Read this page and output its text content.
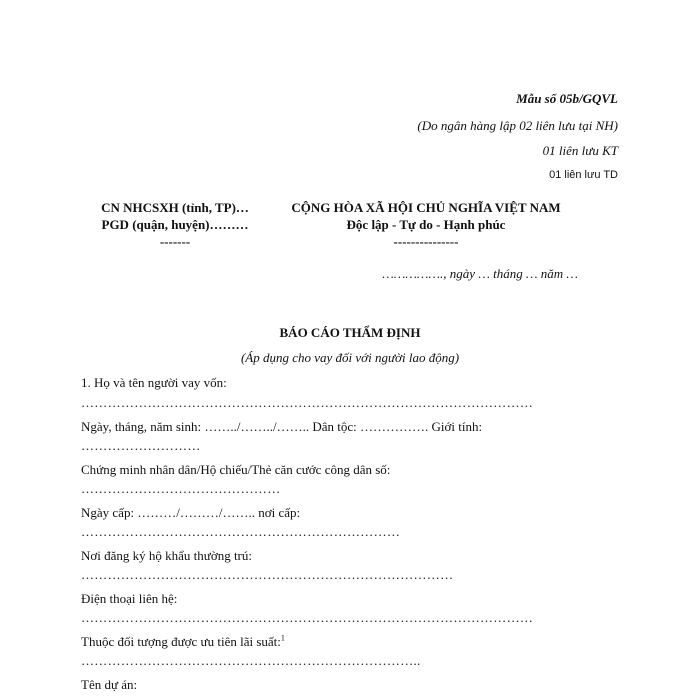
Mẫu số 05b/GQVL
(Do ngân hàng lập 02 liên lưu tại NH)
01 liên lưu KT
01 liên lưu TD
CN NHCSXH (tỉnh, TP)…
PGD (quận, huyện)………
-------
CỘNG HÒA XÃ HỘI CHỦ NGHĨA VIỆT NAM
Độc lập - Tự do - Hạnh phúc
---------------
……………., ngày … tháng … năm …
BÁO CÁO THẨM ĐỊNH
(Áp dụng cho vay đối với người lao động)
1. Họ và tên người vay vốn:
…………………………………………………………………………………………
Ngày, tháng, năm sinh: ……../……../…….. Dân tộc: ……………. Giới tính:
………………………
Chứng minh nhân dân/Hộ chiếu/Thẻ căn cước công dân số:
………………………………………
Ngày cấp: ………/………/…….. nơi cấp:
………………………………………………………………
Nơi đăng ký hộ khẩu thường trú:
…………………………………………………………………………
Điện thoại liên hệ:
…………………………………………………………………………………………
Thuộc đối tượng được ưu tiên lãi suất:$^1$
…………………………………………………………………..
Tên dự án:
